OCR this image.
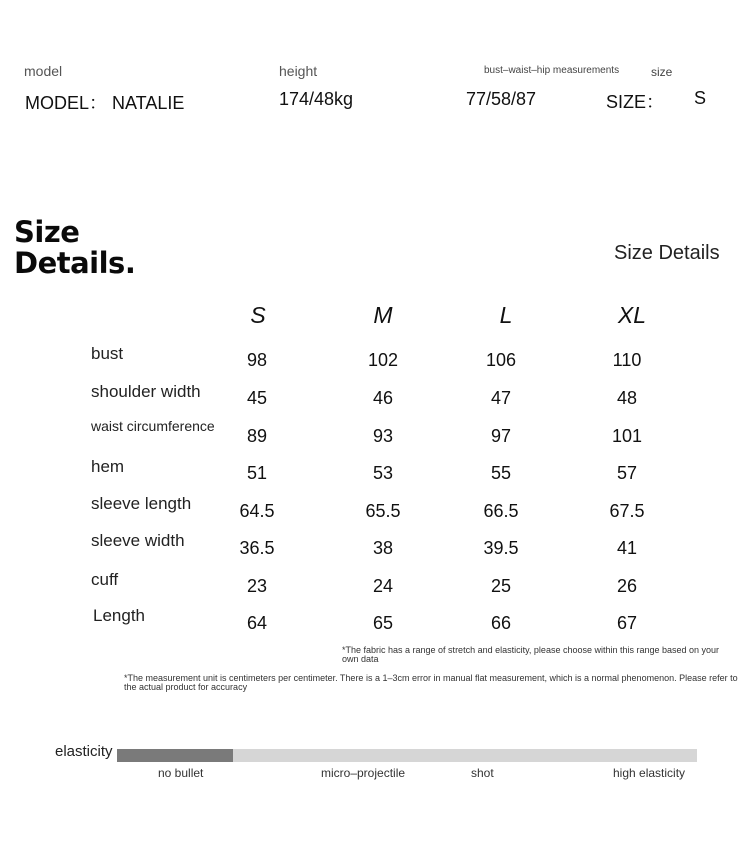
model	height	bust–waist–hip measurements	size
MODEL： NATALIE	174/48kg	77/58/87	SIZE： S
Size
Details.	Size Details
S	M	L	XL
bust	98	102	106	110
shoulder width	45	46	47	48
waist circumference	89	93	97	101
hem	51	53	55	57
sleeve length	64.5	65.5	66.5	67.5
sleeve width	36.5	38	39.5	41
cuff	23	24	25	26
Length	64	65	66	67
*The fabric has a range of stretch and elasticity, please choose within this range based on your own data
*The measurement unit is centimeters per centimeter. There is a 1–3cm error in manual flat measurement, which is a normal phenomenon. Please refer to the actual product for accuracy
elasticity
no bullet	micro–projectile	shot	high elasticity
